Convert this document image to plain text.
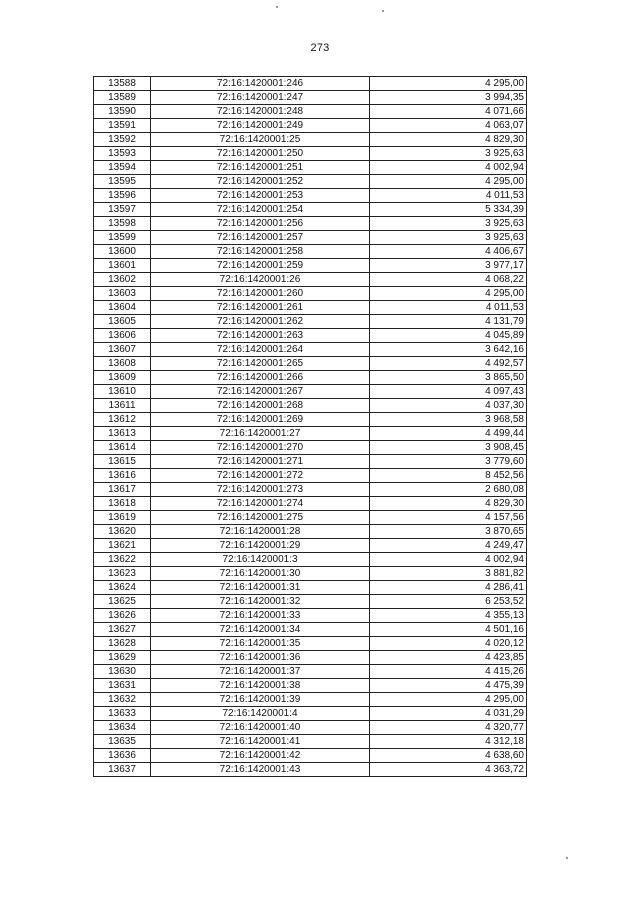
273
13588	72:16:1420001:246	4 295,00
13589	72:16:1420001:247	3 994,35
13590	72:16:1420001:248	4 071,66
13591	72:16:1420001:249	4 063,07
13592	72:16:1420001:25	4 829,30
13593	72:16:1420001:250	3 925,63
13594	72:16:1420001:251	4 002,94
13595	72:16:1420001:252	4 295,00
13596	72:16:1420001:253	4 011,53
13597	72:16:1420001:254	5 334,39
13598	72:16:1420001:256	3 925,63
13599	72:16:1420001:257	3 925,63
13600	72:16:1420001:258	4 406,67
13601	72:16:1420001:259	3 977,17
13602	72:16:1420001:26	4 068,22
13603	72:16:1420001:260	4 295,00
13604	72:16:1420001:261	4 011,53
13605	72:16:1420001:262	4 131,79
13606	72:16:1420001:263	4 045,89
13607	72:16:1420001:264	3 642,16
13608	72:16:1420001:265	4 492,57
13609	72:16:1420001:266	3 865,50
13610	72:16:1420001:267	4 097,43
13611	72:16:1420001:268	4 037,30
13612	72:16:1420001:269	3 968,58
13613	72:16:1420001:27	4 499,44
13614	72:16:1420001:270	3 908,45
13615	72:16:1420001:271	3 779,60
13616	72:16:1420001:272	8 452,56
13617	72:16:1420001:273	2 680,08
13618	72:16:1420001:274	4 829,30
13619	72:16:1420001:275	4 157,56
13620	72:16:1420001:28	3 870,65
13621	72:16:1420001:29	4 249,47
13622	72:16:1420001:3	4 002,94
13623	72:16:1420001:30	3 881,82
13624	72:16:1420001:31	4 286,41
13625	72:16:1420001:32	6 253,52
13626	72:16:1420001:33	4 355,13
13627	72:16:1420001:34	4 501,16
13628	72:16:1420001:35	4 020,12
13629	72:16:1420001:36	4 423,85
13630	72:16:1420001:37	4 415,26
13631	72:16:1420001:38	4 475,39
13632	72:16:1420001:39	4 295,00
13633	72:16:1420001:4	4 031,29
13634	72:16:1420001:40	4 320,77
13635	72:16:1420001:41	4 312,18
13636	72:16:1420001:42	4 638,60
13637	72:16:1420001:43	4 363,72
